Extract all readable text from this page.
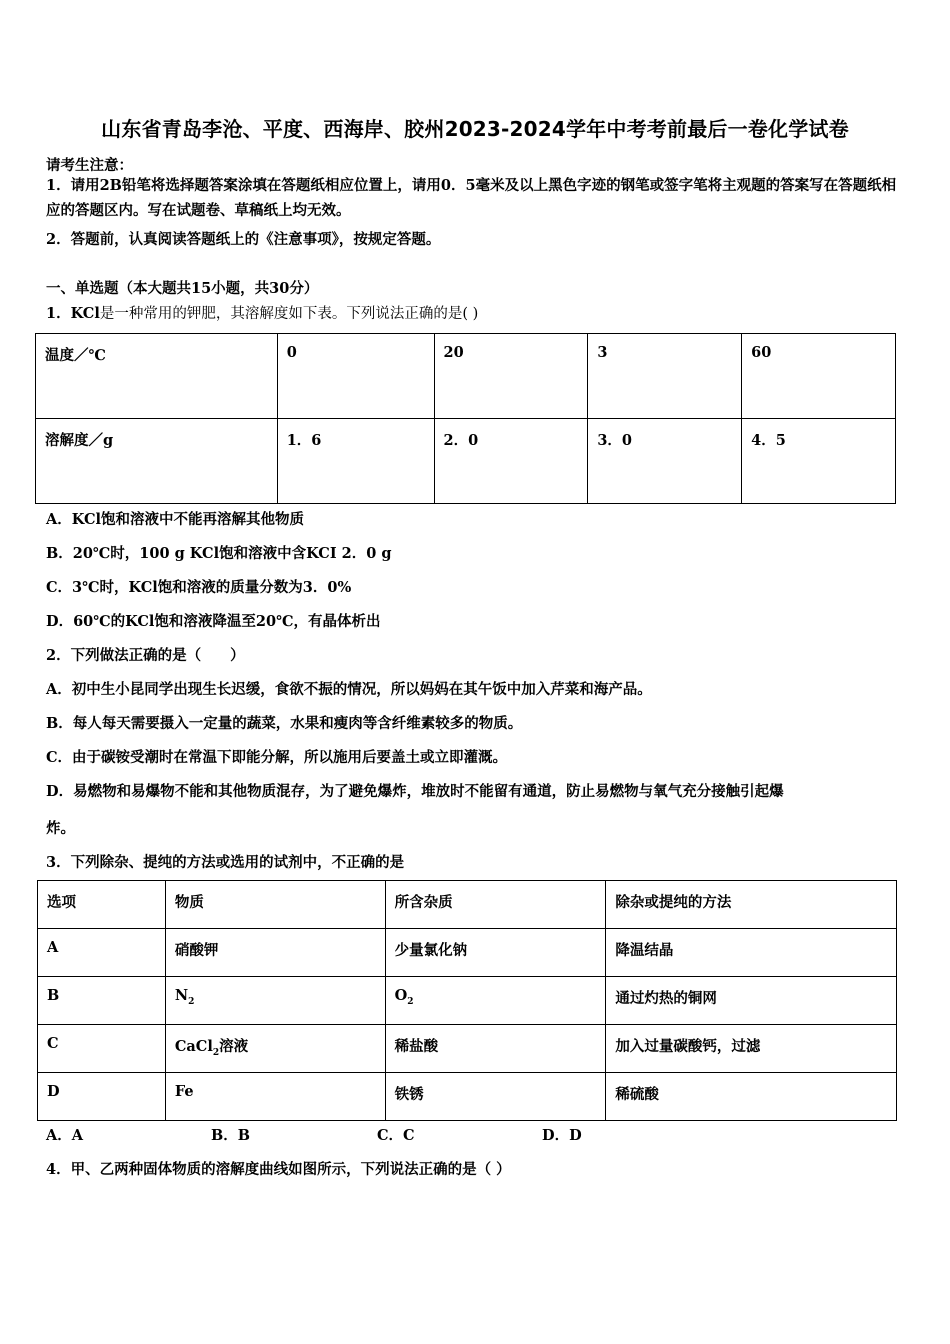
山东省青岛李沧、平度、西海岸、胶州2023-2024学年中考考前最后一卷化学试卷
请考生注意：
1．请用2B铅笔将选择题答案涂填在答题纸相应位置上，请用0．5毫米及以上黑色字迹的钢笔或签字笔将主观题的答案写在答题纸相应的答题区内。写在试题卷、草稿纸上均无效。
2．答题前，认真阅读答题纸上的《注意事项》，按规定答题。
一、单选题（本大题共15小题，共30分）
1．KCl是一种常用的钾肥，其溶解度如下表。下列说法正确的是( )
温度／℃	0	20	3	60
溶解度／g	1．6	2．0	3．0	4．5
A．KCl饱和溶液中不能再溶解其他物质
B．20℃时，100 g KCl饱和溶液中含KCI 2．0 g
C．3℃时，KCl饱和溶液的质量分数为3．0%
D．60℃的KCl饱和溶液降温至20℃，有晶体析出
2．下列做法正确的是（　　）
A．初中生小昆同学出现生长迟缓，食欲不振的情况，所以妈妈在其午饭中加入芹菜和海产品。
B．每人每天需要摄入一定量的蔬菜，水果和瘦肉等含纤维素较多的物质。
C．由于碳铵受潮时在常温下即能分解，所以施用后要盖土或立即灌溉。
D．易燃物和易爆物不能和其他物质混存，为了避免爆炸，堆放时不能留有通道，防止易燃物与氧气充分接触引起爆
炸。
3．下列除杂、提纯的方法或选用的试剂中，不正确的是
选项	物质	所含杂质	除杂或提纯的方法
A	硝酸钾	少量氯化钠	降温结晶
B	$N_2$	$O_2$	通过灼热的铜网
C	CaCl$_2$溶液	稀盐酸	加入过量碳酸钙，过滤
D	Fe	铁锈	稀硫酸
A．A	B．B	C．C	D．D
4．甲、乙两种固体物质的溶解度曲线如图所示，下列说法正确的是（ ）
